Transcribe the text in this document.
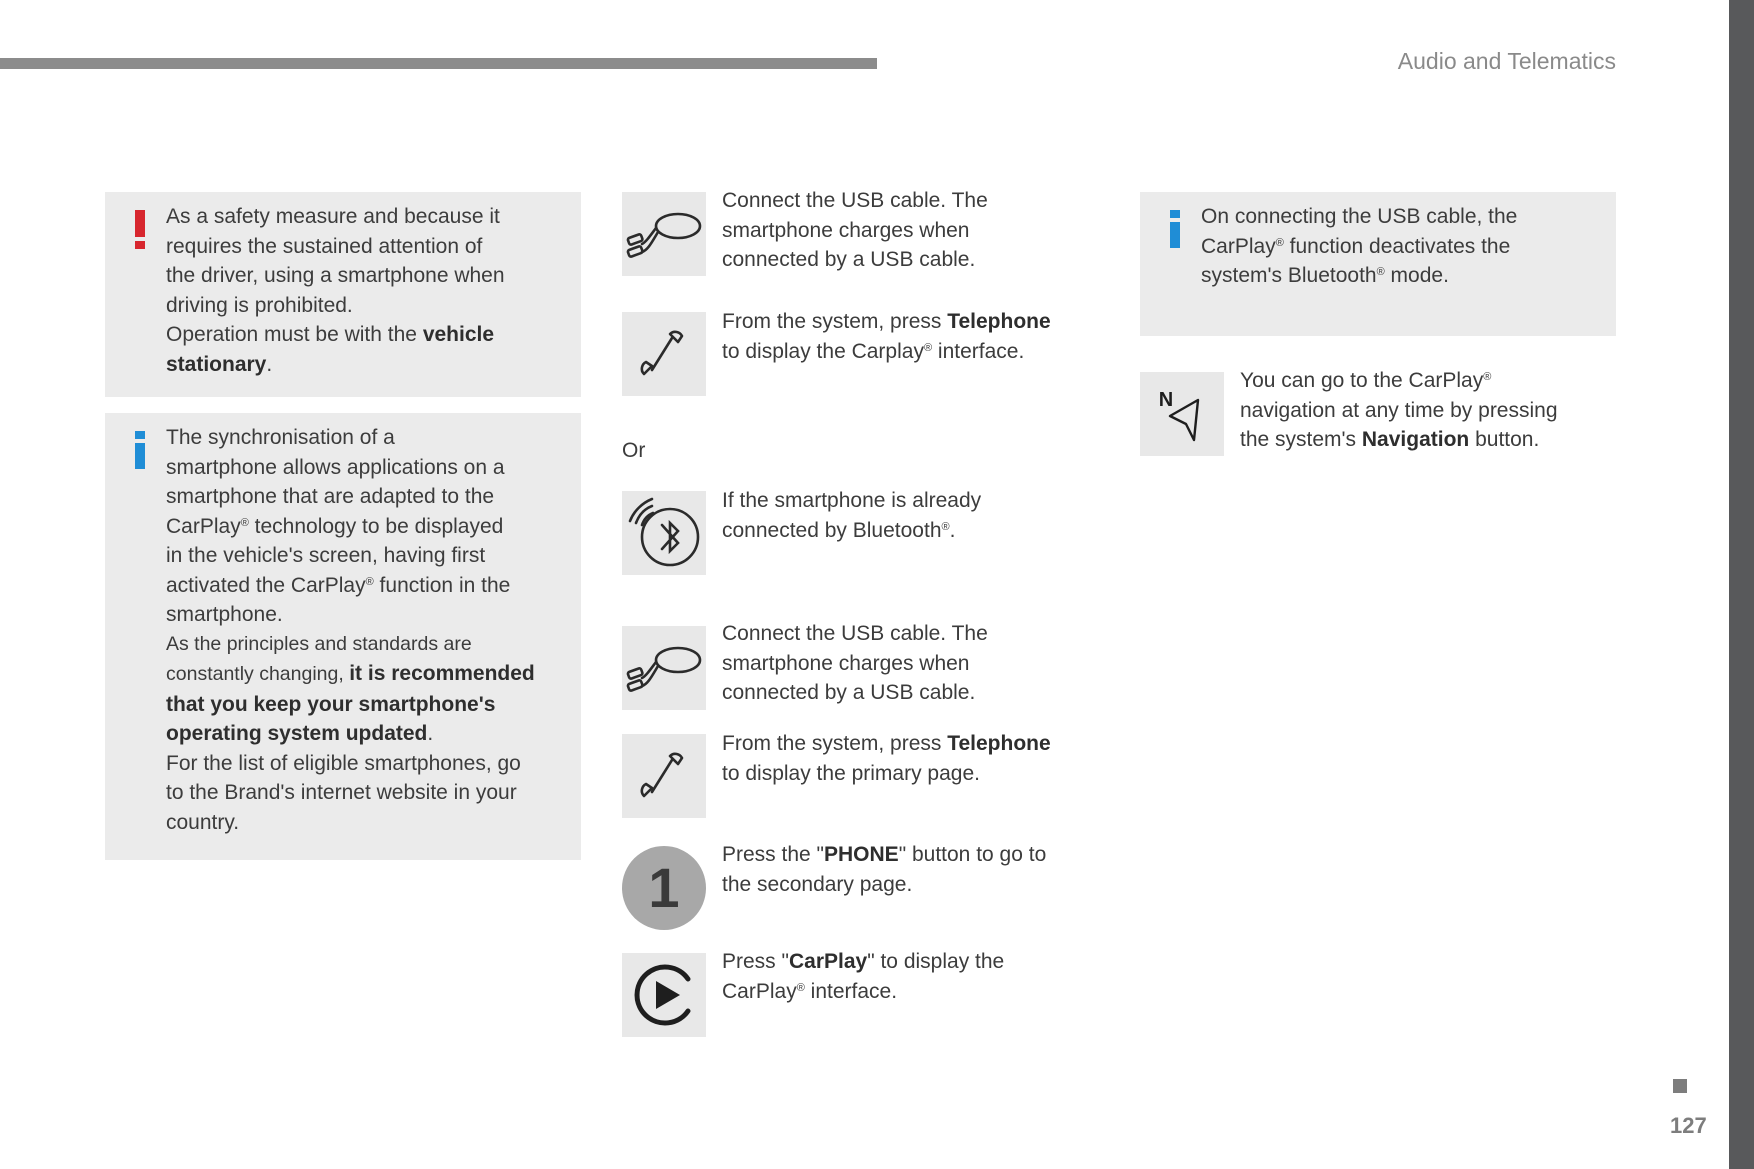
Audio and Telematics

As a safety measure and because it

requires the sustained attention of

the driver, using a smartphone when

driving is prohibited.

Operation must be with the vehicle

stationary.

The synchronisation of a

smartphone allows applications on a

smartphone that are adapted to the

CarPlay® technology to be displayed

in the vehicle's screen, having first

activated the CarPlay® function in the

smartphone.

As the principles and standards are

constantly changing, it is recommended

that you keep your smartphone's

operating system updated.

For the list of eligible smartphones, go

to the Brand's internet website in your

country.

Connect the USB cable. The

smartphone charges when

connected by a USB cable.

From the system, press Telephone

to display the Carplay® interface.

Or

If the smartphone is already

connected by Bluetooth®.

Connect the USB cable. The

smartphone charges when

connected by a USB cable.

From the system, press Telephone

to display the primary page.

1

Press the "PHONE" button to go to

the secondary page.

Press "CarPlay" to display the

CarPlay® interface.

On connecting the USB cable, the

CarPlay® function deactivates the

system's Bluetooth® mode.

N

You can go to the CarPlay®

navigation at any time by pressing

the system's Navigation button.

127
